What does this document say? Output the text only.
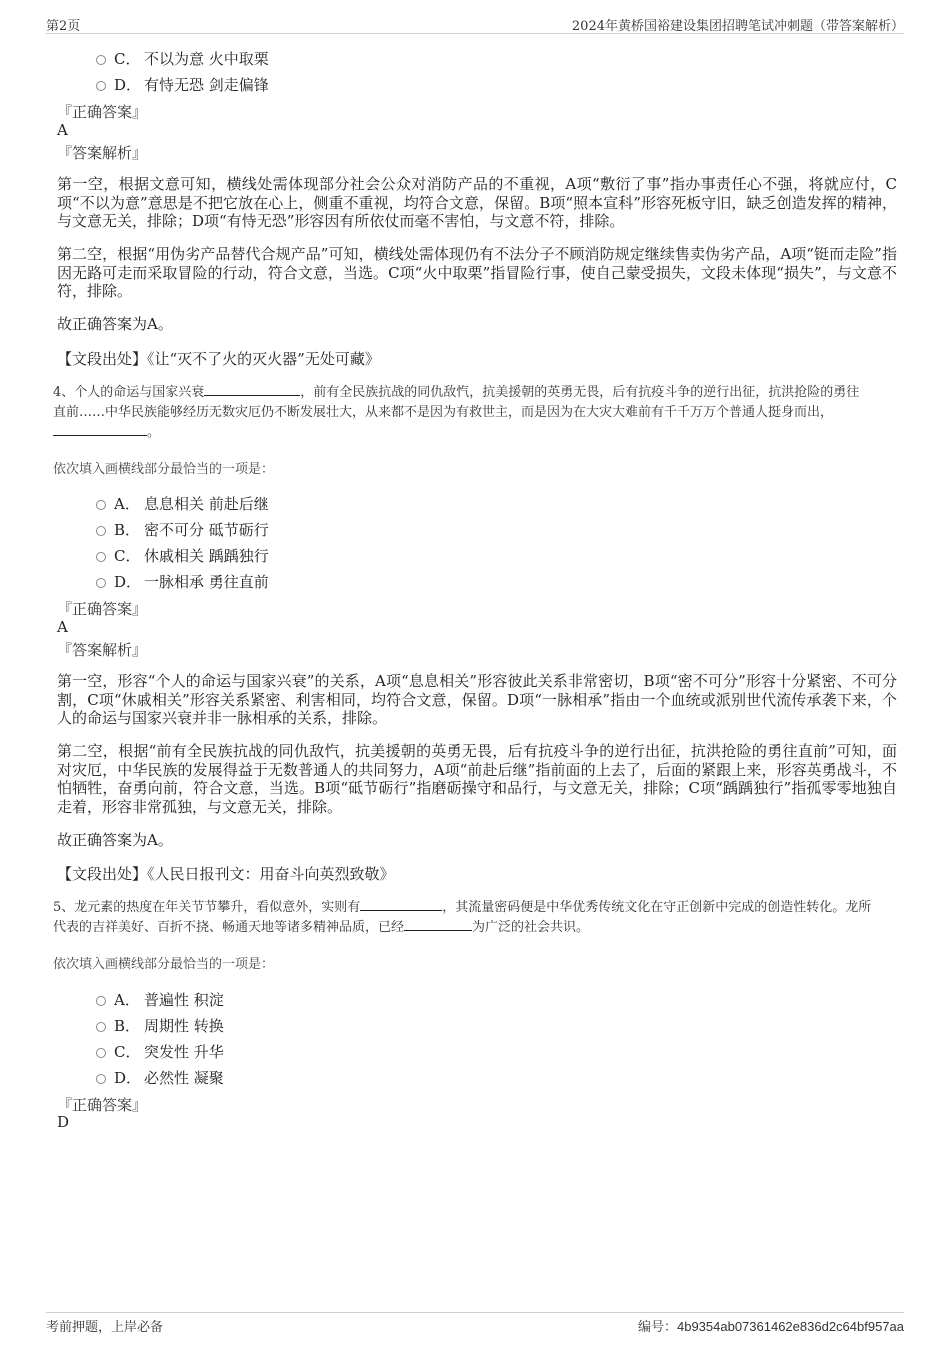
第2页	2024年黄桥国裕建设集团招聘笔试冲刺题（带答案解析）
C． 不以为意 火中取栗
D． 有恃无恐 剑走偏锋
『正确答案』
A
『答案解析』
第一空，根据文意可知，横线处需体现部分社会公众对消防产品的不重视，A项“敷衍了事”指办事责任心不强，将就应付，C项“不以为意”意思是不把它放在心上，侧重不重视，均符合文意，保留。B项“照本宣科”形容死板守旧，缺乏创造发挥的精神，与文意无关，排除；D项“有恃无恐”形容因有所依仗而毫不害怕，与文意不符，排除。
第二空，根据“用伪劣产品替代合规产品”可知，横线处需体现仍有不法分子不顾消防规定继续售卖伪劣产品，A项“铤而走险”指因无路可走而采取冒险的行动，符合文意，当选。C项“火中取栗”指冒险行事，使自己蒙受损失，文段未体现“损失”，与文意不符，排除。
故正确答案为A。
【文段出处】《让“灭不了火的灭火器”无处可藏》
4、个人的命运与国家兴衰	，前有全民族抗战的同仇敌忾，抗美援朝的英勇无畏，后有抗疫斗争的逆行出征，抗洪抢险的勇往
直前……中华民族能够经历无数灾厄仍不断发展壮大，从来都不是因为有救世主，而是因为在大灾大难前有千千万万个普通人挺身而出，
。
依次填入画横线部分最恰当的一项是：
A． 息息相关 前赴后继
B． 密不可分 砥节砺行
C． 休戚相关 踽踽独行
D． 一脉相承 勇往直前
『正确答案』
A
『答案解析』
第一空，形容“个人的命运与国家兴衰”的关系，A项“息息相关”形容彼此关系非常密切，B项“密不可分”形容十分紧密、不可分割，C项“休戚相关”形容关系紧密、利害相同，均符合文意，保留。D项“一脉相承”指由一个血统或派别世代流传承袭下来，个人的命运与国家兴衰并非一脉相承的关系，排除。
第二空，根据“前有全民族抗战的同仇敌忾，抗美援朝的英勇无畏，后有抗疫斗争的逆行出征，抗洪抢险的勇往直前”可知，面对灾厄，中华民族的发展得益于无数普通人的共同努力，A项“前赴后继”指前面的上去了，后面的紧跟上来，形容英勇战斗，不怕牺牲，奋勇向前，符合文意，当选。B项“砥节砺行”指磨砺操守和品行，与文意无关，排除；C项“踽踽独行”指孤零零地独自走着，形容非常孤独，与文意无关，排除。
故正确答案为A。
【文段出处】《人民日报刊文：用奋斗向英烈致敬》
5、龙元素的热度在年关节节攀升，看似意外，实则有	，其流量密码便是中华优秀传统文化在守正创新中完成的创造性转化。龙所
代表的吉祥美好、百折不挠、畅通天地等诸多精神品质，已经	为广泛的社会共识。
依次填入画横线部分最恰当的一项是：
A． 普遍性 积淀
B． 周期性 转换
C． 突发性 升华
D． 必然性 凝聚
『正确答案』
D
考前押题，上岸必备	编号：4b9354ab07361462e836d2c64bf957aa
